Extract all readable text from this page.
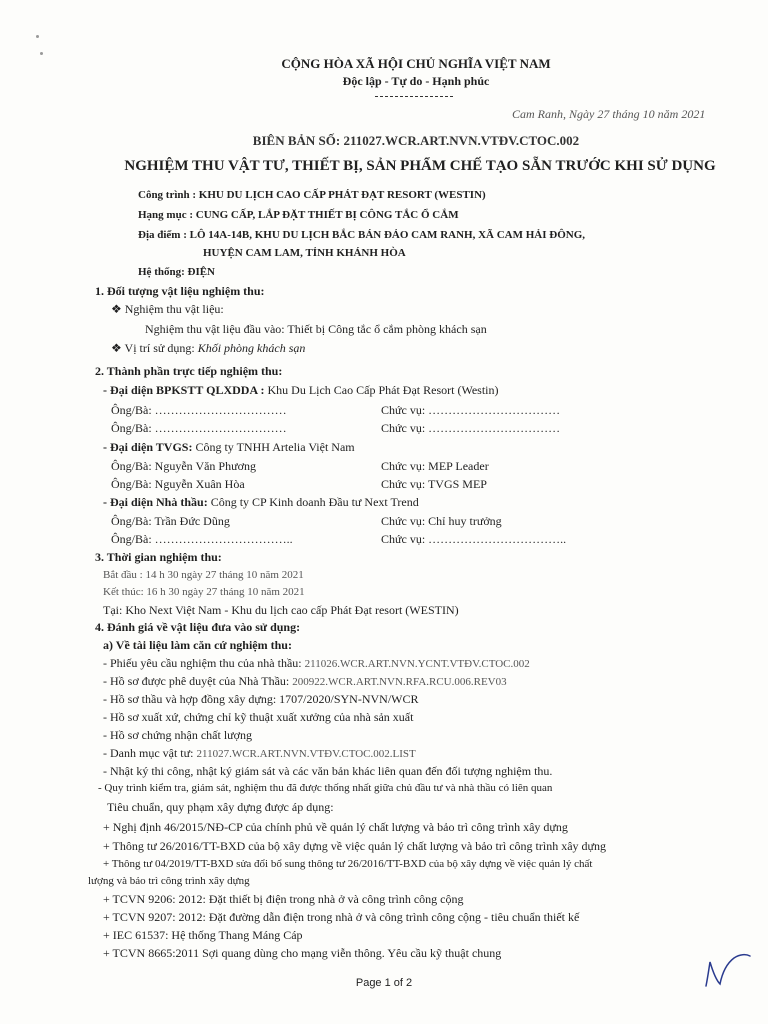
CỘNG HÒA XÃ HỘI CHỦ NGHĨA VIỆT NAM
Độc lập - Tự do - Hạnh phúc
Cam Ranh, Ngày 27 tháng 10 năm 2021
BIÊN BẢN SỐ: 211027.WCR.ART.NVN.VTĐV.CTOC.002
NGHIỆM THU VẬT TƯ, THIẾT BỊ, SẢN PHẨM CHẾ TẠO SẴN TRƯỚC KHI SỬ DỤNG
Công trình : KHU DU LỊCH CAO CẤP PHÁT ĐẠT RESORT (WESTIN)
Hạng mục : CUNG CẤP, LẮP ĐẶT THIẾT BỊ CÔNG TẮC Ổ CẮM
Địa điểm : LÔ 14A-14B, KHU DU LỊCH BẮC BÁN ĐẢO CAM RANH, XÃ CAM HẢI ĐÔNG,
HUYỆN CAM LAM, TỈNH KHÁNH HÒA
Hệ thống: ĐIỆN
1. Đối tượng vật liệu nghiệm thu:
❖ Nghiệm thu vật liệu:
Nghiệm thu vật liệu đầu vào: Thiết bị Công tắc ổ cắm phòng khách sạn
❖ Vị trí sử dụng: Khối phòng khách sạn
2. Thành phần trực tiếp nghiệm thu:
- Đại diện BPKSTT QLXDDA : Khu Du Lịch Cao Cấp Phát Đạt Resort (Westin)
Ông/Bà: ……………………………	Chức vụ: ……………………………
Ông/Bà: ……………………………	Chức vụ: ……………………………
- Đại diện TVGS: Công ty TNHH Artelia Việt Nam
Ông/Bà: Nguyễn Văn Phương	Chức vụ: MEP Leader
Ông/Bà: Nguyễn Xuân Hòa	Chức vụ: TVGS MEP
- Đại diện Nhà thầu: Công ty CP Kinh doanh Đầu tư Next Trend
Ông/Bà: Trần Đức Dũng	Chức vụ: Chỉ huy trưởng
Ông/Bà: ……………………………..	Chức vụ: ……………………………..
3. Thời gian nghiệm thu:
Bắt đầu : 14 h 30 ngày 27 tháng 10 năm 2021
Kết thúc: 16 h 30 ngày 27 tháng 10 năm 2021
Tại: Kho Next Việt Nam - Khu du lịch cao cấp Phát Đạt resort (WESTIN)
4. Đánh giá về vật liệu đưa vào sử dụng:
a) Về tài liệu làm căn cứ nghiệm thu:
- Phiếu yêu cầu nghiệm thu của nhà thầu: 211026.WCR.ART.NVN.YCNT.VTĐV.CTOC.002
- Hồ sơ được phê duyệt của Nhà Thầu: 200922.WCR.ART.NVN.RFA.RCU.006.REV03
- Hồ sơ thầu và hợp đồng xây dựng: 1707/2020/SYN-NVN/WCR
- Hồ sơ xuất xứ, chứng chỉ kỹ thuật xuất xưởng của nhà sản xuất
- Hồ sơ chứng nhận chất lượng
- Danh mục vật tư: 211027.WCR.ART.NVN.VTĐV.CTOC.002.LIST
- Nhật ký thi công, nhật ký giám sát và các văn bản khác liên quan đến đối tượng nghiệm thu.
- Quy trình kiểm tra, giám sát, nghiệm thu đã được thống nhất giữa chủ đầu tư và nhà thầu có liên quan
Tiêu chuẩn, quy phạm xây dựng được áp dụng:
+ Nghị định 46/2015/NĐ-CP của chính phủ về quản lý chất lượng và bảo trì công trình xây dựng
+ Thông tư 26/2016/TT-BXD của bộ xây dựng về việc quản lý chất lượng và bảo trì công trình xây dựng
+ Thông tư 04/2019/TT-BXD sửa đổi bổ sung thông tư 26/2016/TT-BXD của bộ xây dựng về việc quản lý chất
lượng và bảo trì công trình xây dựng
+ TCVN 9206: 2012: Đặt thiết bị điện trong nhà ở và công trình công cộng
+ TCVN 9207: 2012: Đặt đường dẫn điện trong nhà ở và công trình công cộng - tiêu chuẩn thiết kế
+ IEC 61537: Hệ thống Thang Máng Cáp
+ TCVN 8665:2011 Sợi quang dùng cho mạng viễn thông. Yêu cầu kỹ thuật chung
Page 1 of 2
